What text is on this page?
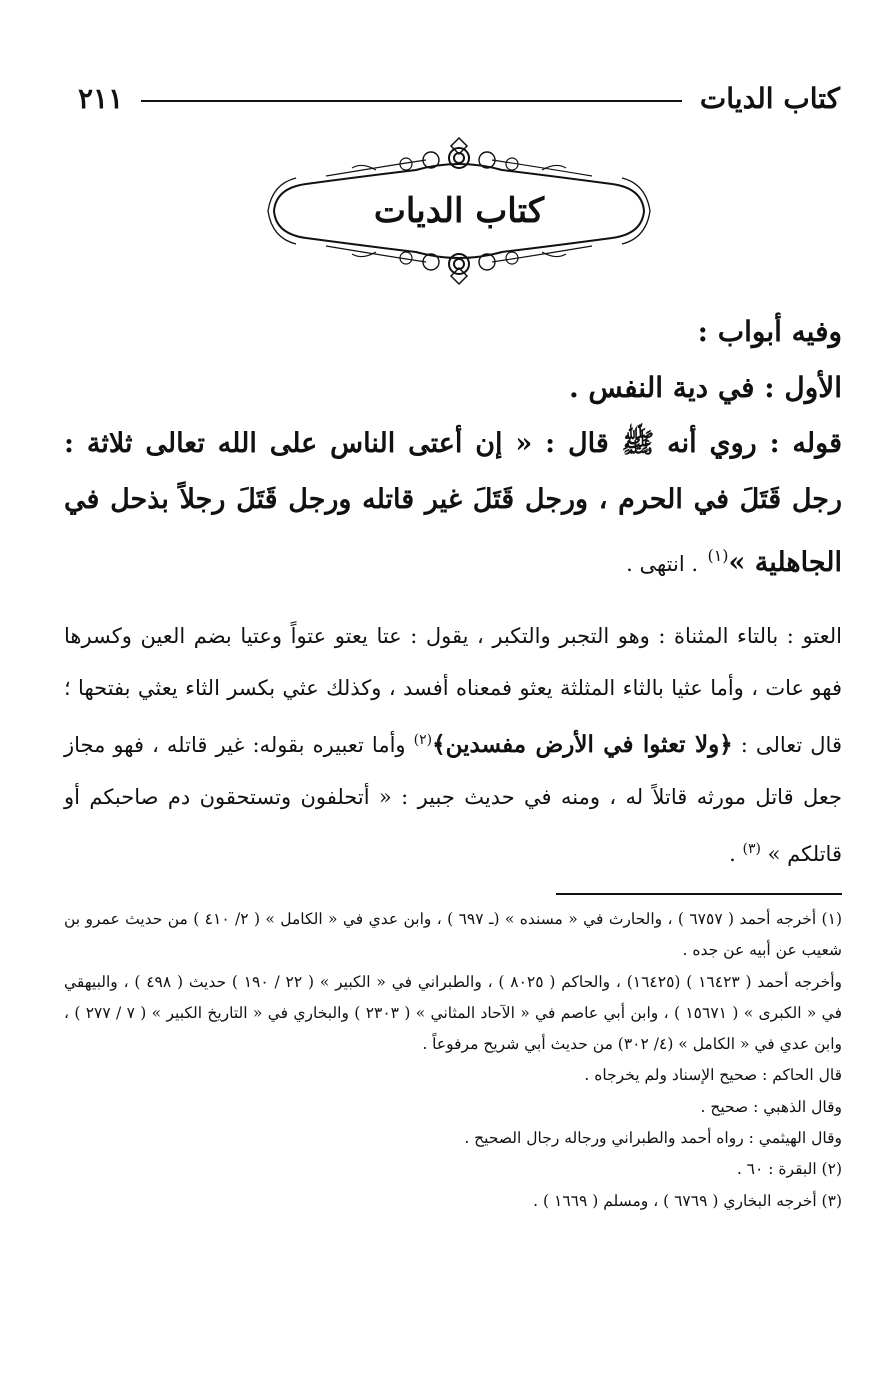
كتاب الديات
٢١١
كتاب الديات

وفيه أبواب :

الأول : في دية النفس .

قوله : روي أنه ﷺ قال : « إن أعتى الناس على الله تعالى ثلاثة : رجل قَتَلَ في الحرم ، ورجل قَتَلَ غير قاتله ورجل قَتَلَ رجلاً بذحل في الجاهلية »$^{(١)}$ . انتهى .

العتو : بالتاء المثناة : وهو التجبر والتكبر ، يقول : عتا يعتو عتواً وعتيا بضم العين وكسرها فهو عات ، وأما عثيا بالثاء المثلثة يعثو فمعناه أفسد ، وكذلك عثي بكسر الثاء يعثي بفتحها ؛ قال تعالى : ﴿ولا تعثوا في الأرض مفسدين﴾$^{(٢)}$ وأما تعبيره بقوله: غير قاتله ، فهو مجاز جعل قاتل مورثه قاتلاً له ، ومنه في حديث جبير : « أتحلفون وتستحقون دم صاحبكم أو قاتلكم » $^{(٣)}$ .

(١) أخرجه أحمد ( ٦٧٥٧ ) ، والحارث في « مسنده » (ـ ٦٩٧ ) ، وابن عدي في « الكامل » ( ٢/ ٤١٠ ) من حديث عمرو بن شعيب عن أبيه عن جده .

وأخرجه أحمد ( ١٦٤٢٣ ) (١٦٤٢٥) ، والحاكم ( ٨٠٢٥ ) ، والطبراني في « الكبير » ( ٢٢ / ١٩٠ ) حديث ( ٤٩٨ ) ، والبيهقي في « الكبرى » ( ١٥٦٧١ ) ، وابن أبي عاصم في « الآحاد المثاني » ( ٢٣٠٣ ) والبخاري في « التاريخ الكبير » ( ٧ / ٢٧٧ ) ، وابن عدي في « الكامل » (٤/ ٣٠٢) من حديث أبي شريح مرفوعاً .

قال الحاكم : صحيح الإسناد ولم يخرجاه .

وقال الذهبي : صحيح .

وقال الهيثمي : رواه أحمد والطبراني ورجاله رجال الصحيح .

(٢) البقرة : ٦٠ .

(٣) أخرجه البخاري ( ٦٧٦٩ ) ، ومسلم ( ١٦٦٩ ) .
